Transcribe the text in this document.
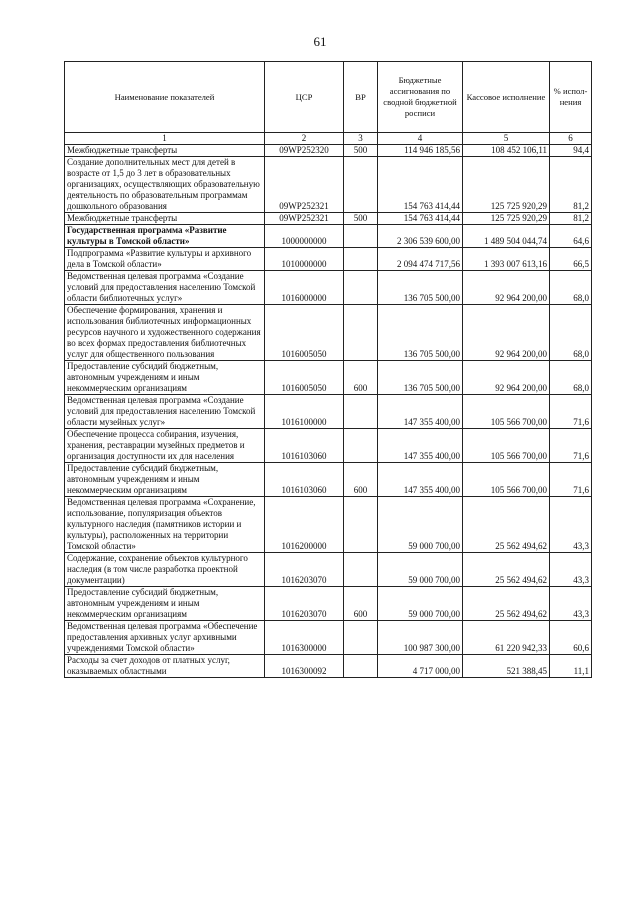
61
Наименование показателей	ЦСР	ВР	Бюджетные ассигнования по сводной бюджетной росписи	Кассовое исполнение	% испол-нения
1	2	3	4	5	6
Межбюджетные трансферты	09WP252320	500	114 946 185,56	108 452 106,11	94,4
Создание дополнительных мест для детей в возрасте от 1,5 до 3 лет в образовательных организациях, осуществляющих образовательную деятельность по образовательным программам дошкольного образования	09WP252321		154 763 414,44	125 725 920,29	81,2
Межбюджетные трансферты	09WP252321	500	154 763 414,44	125 725 920,29	81,2
Государственная программа «Развитие культуры в Томской области»	1000000000		2 306 539 600,00	1 489 504 044,74	64,6
Подпрограмма «Развитие культуры и архивного дела в Томской области»	1010000000		2 094 474 717,56	1 393 007 613,16	66,5
Ведомственная целевая программа «Создание условий для предоставления населению Томской области библиотечных услуг»	1016000000		136 705 500,00	92 964 200,00	68,0
Обеспечение формирования, хранения и использования библиотечных информационных ресурсов научного и художественного содержания во всех формах предоставления библиотечных услуг для общественного пользования	1016005050		136 705 500,00	92 964 200,00	68,0
Предоставление субсидий бюджетным, автономным учреждениям и иным некоммерческим организациям	1016005050	600	136 705 500,00	92 964 200,00	68,0
Ведомственная целевая программа «Создание условий для предоставления населению Томской области музейных услуг»	1016100000		147 355 400,00	105 566 700,00	71,6
Обеспечение процесса собирания, изучения, хранения, реставрации музейных предметов и организация доступности их для населения	1016103060		147 355 400,00	105 566 700,00	71,6
Предоставление субсидий бюджетным, автономным учреждениям и иным некоммерческим организациям	1016103060	600	147 355 400,00	105 566 700,00	71,6
Ведомственная целевая программа «Сохранение, использование, популяризация объектов культурного наследия (памятников истории и культуры), расположенных на территории Томской области»	1016200000		59 000 700,00	25 562 494,62	43,3
Содержание, сохранение объектов культурного наследия (в том числе разработка проектной документации)	1016203070		59 000 700,00	25 562 494,62	43,3
Предоставление субсидий бюджетным, автономным учреждениям и иным некоммерческим организациям	1016203070	600	59 000 700,00	25 562 494,62	43,3
Ведомственная целевая программа «Обеспечение предоставления архивных услуг архивными учреждениями Томской области»	1016300000		100 987 300,00	61 220 942,33	60,6
Расходы за счет доходов от платных услуг, оказываемых областными	1016300092		4 717 000,00	521 388,45	11,1
